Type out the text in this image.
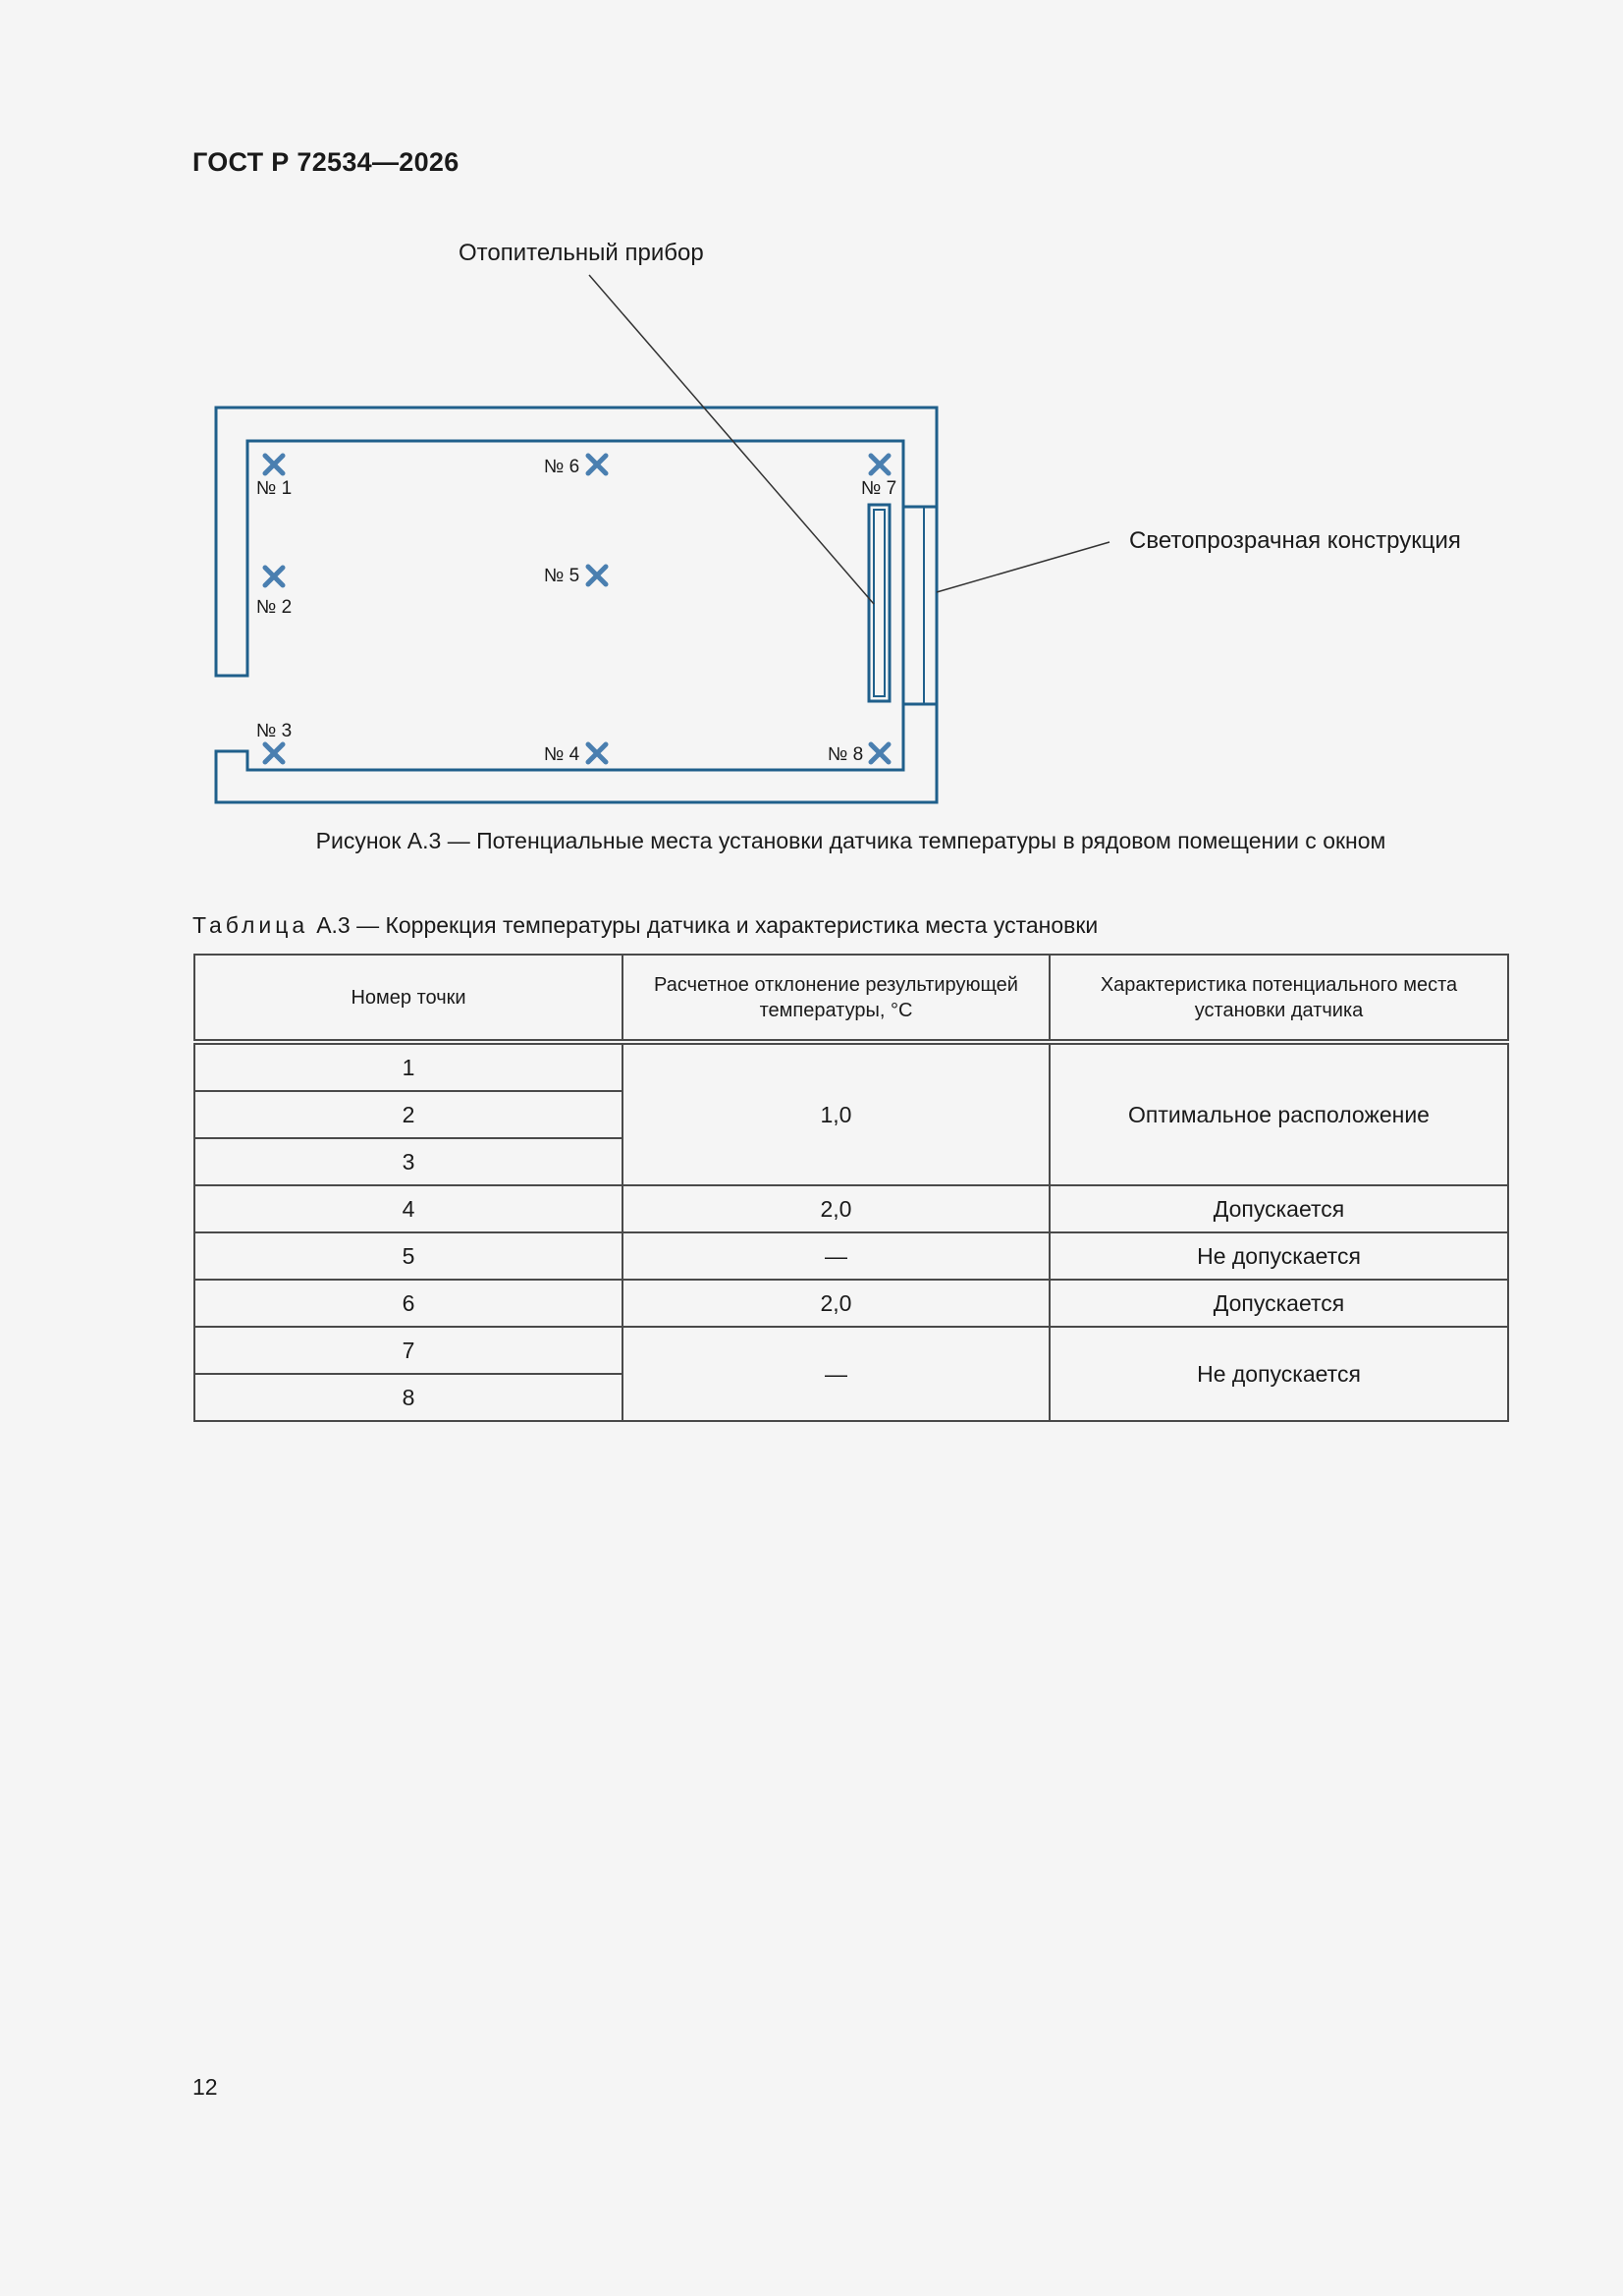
ГОСТ Р 72534—2026
Отопительный прибор
Светопрозрачная конструкция
№ 1
№ 2
№ 3
№ 4
№ 5
№ 6
№ 7
№ 8
Рисунок А.3 — Потенциальные места установки датчика температуры в рядовом помещении с окном
Таблица А.3 — Коррекция температуры датчика и характеристика места установки
Номер точки	Расчетное отклонение результирующей температуры, °С	Характеристика потенциального места установки датчика
1	1,0	Оптимальное расположение
2		
3		
4	2,0	Допускается
5	—	Не допускается
6	2,0	Допускается
7	—	Не допускается
8		
12
